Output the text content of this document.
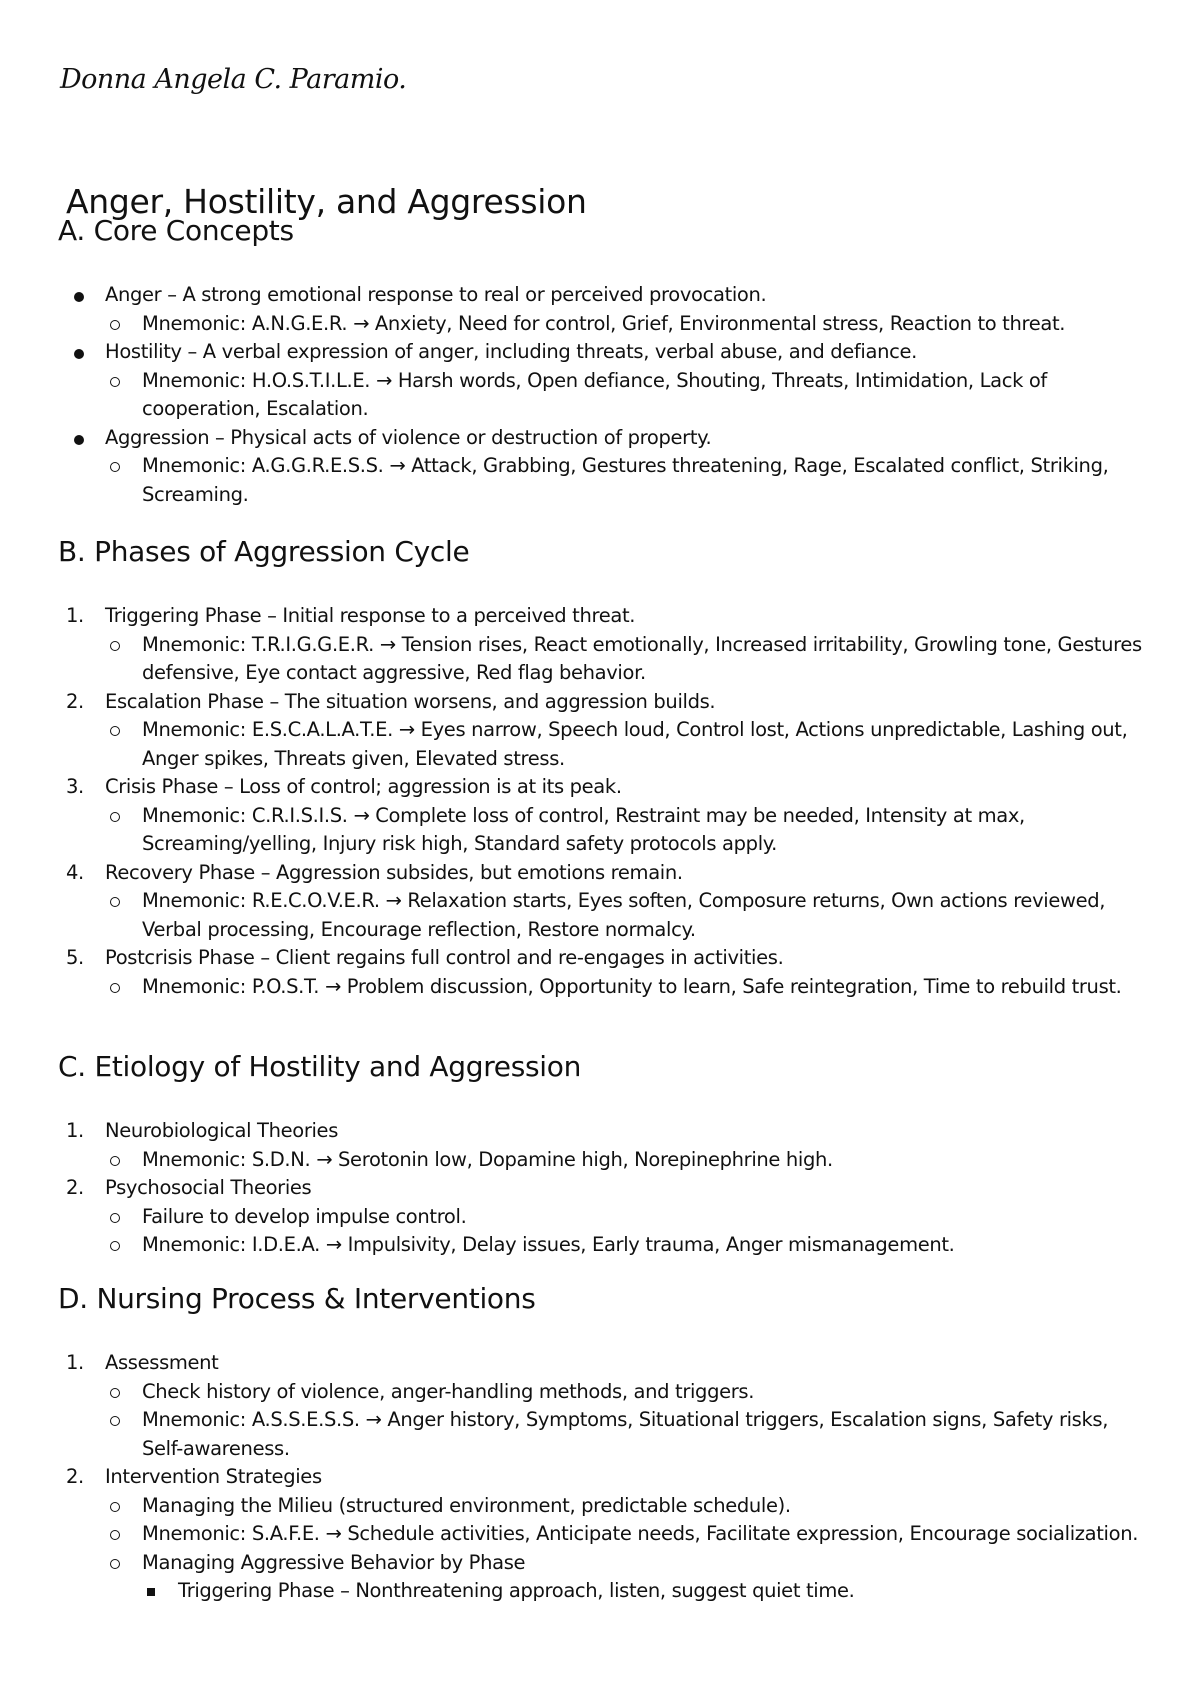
Donna Angela C. Paramio.
Anger, Hostility, and Aggression
A. Core Concepts
Anger – A strong emotional response to real or perceived provocation.
Mnemonic: A.N.G.E.R. → Anxiety, Need for control, Grief, Environmental stress, Reaction to threat.
Hostility – A verbal expression of anger, including threats, verbal abuse, and defiance.
Mnemonic: H.O.S.T.I.L.E. → Harsh words, Open defiance, Shouting, Threats, Intimidation, Lack of cooperation, Escalation.
Aggression – Physical acts of violence or destruction of property.
Mnemonic: A.G.G.R.E.S.S. → Attack, Grabbing, Gestures threatening, Rage, Escalated conflict, Striking, Screaming.
B. Phases of Aggression Cycle
1.	Triggering Phase – Initial response to a perceived threat.
Mnemonic: T.R.I.G.G.E.R. → Tension rises, React emotionally, Increased irritability, Growling tone, Gestures defensive, Eye contact aggressive, Red flag behavior.
2.	Escalation Phase – The situation worsens, and aggression builds.
Mnemonic: E.S.C.A.L.A.T.E. → Eyes narrow, Speech loud, Control lost, Actions unpredictable, Lashing out, Anger spikes, Threats given, Elevated stress.
3.	Crisis Phase – Loss of control; aggression is at its peak.
Mnemonic: C.R.I.S.I.S. → Complete loss of control, Restraint may be needed, Intensity at max, Screaming/yelling, Injury risk high, Standard safety protocols apply.
4.	Recovery Phase – Aggression subsides, but emotions remain.
Mnemonic: R.E.C.O.V.E.R. → Relaxation starts, Eyes soften, Composure returns, Own actions reviewed, Verbal processing, Encourage reflection, Restore normalcy.
5.	Postcrisis Phase – Client regains full control and re-engages in activities.
Mnemonic: P.O.S.T. → Problem discussion, Opportunity to learn, Safe reintegration, Time to rebuild trust.
C. Etiology of Hostility and Aggression
1.	Neurobiological Theories
Mnemonic: S.D.N. → Serotonin low, Dopamine high, Norepinephrine high.
2.	Psychosocial Theories
Failure to develop impulse control.
Mnemonic: I.D.E.A. → Impulsivity, Delay issues, Early trauma, Anger mismanagement.
D. Nursing Process & Interventions
1.	Assessment
Check history of violence, anger-handling methods, and triggers.
Mnemonic: A.S.S.E.S.S. → Anger history, Symptoms, Situational triggers, Escalation signs, Safety risks, Self-awareness.
2.	Intervention Strategies
Managing the Milieu (structured environment, predictable schedule).
Mnemonic: S.A.F.E. → Schedule activities, Anticipate needs, Facilitate expression, Encourage socialization.
Managing Aggressive Behavior by Phase
Triggering Phase – Nonthreatening approach, listen, suggest quiet time.
